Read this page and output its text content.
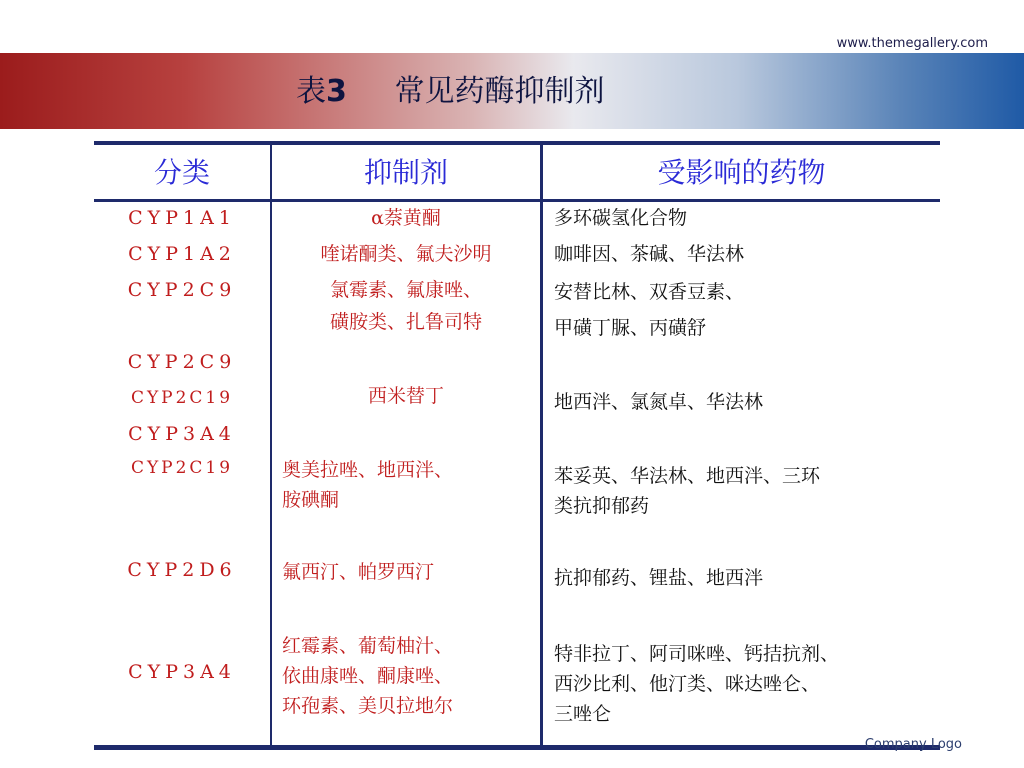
www.themegallery.com
表3 常见药酶抑制剂
分类	抑制剂	受影响的药物
CYP1A1
CYP1A2
CYP2C9
CYP2C9
CYP2C19
CYP3A4
CYP2C19
CYP2D6
CYP3A4
α萘黄酮
喹诺酮类、氟夫沙明
氯霉素、氟康唑、
磺胺类、扎鲁司特
西米替丁
奥美拉唑、地西泮、
胺碘酮
氟西汀、帕罗西汀
红霉素、葡萄柚汁、
依曲康唑、酮康唑、
环孢素、美贝拉地尔
多环碳氢化合物
咖啡因、茶碱、华法林
安替比林、双香豆素、
甲磺丁脲、丙磺舒
地西泮、氯氮卓、华法林
苯妥英、华法林、地西泮、三环
类抗抑郁药
抗抑郁药、锂盐、地西泮
特非拉丁、阿司咪唑、钙拮抗剂、
西沙比利、他汀类、咪达唑仑、
三唑仑
Company Logo
